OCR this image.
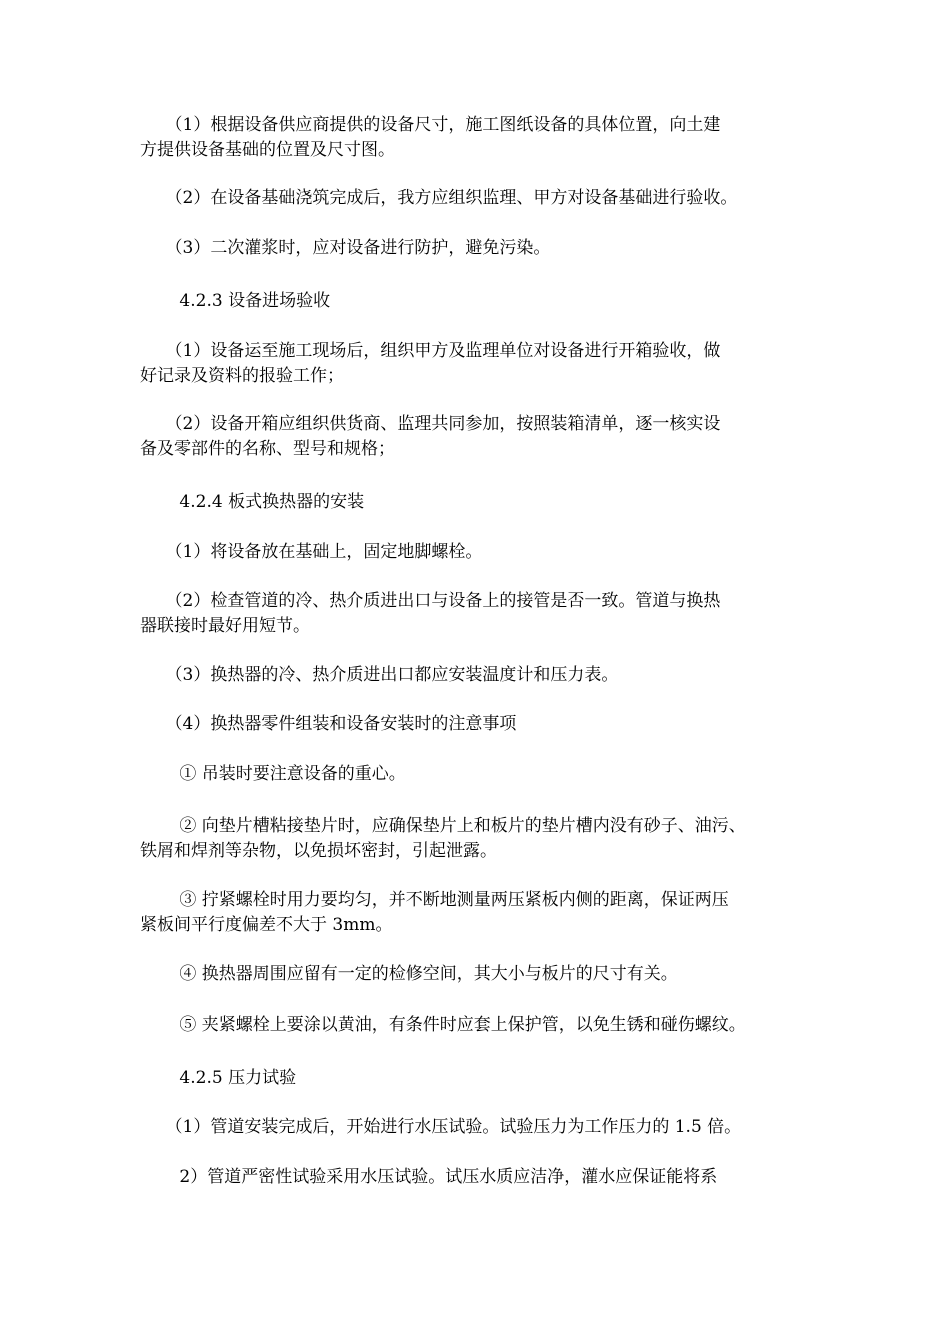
　　（1）根据设备供应商提供的设备尺寸，施工图纸设备的具体位置，向土建
方提供设备基础的位置及尺寸图。

　　（2）在设备基础浇筑完成后，我方应组织监理、甲方对设备基础进行验收。

　　（3）二次灌浆时，应对设备进行防护，避免污染。

　　 4.2.3 设备进场验收

　　（1）设备运至施工现场后，组织甲方及监理单位对设备进行开箱验收，做
好记录及资料的报验工作；

　　（2）设备开箱应组织供货商、监理共同参加，按照装箱清单，逐一核实设
备及零部件的名称、型号和规格；

　　 4.2.4 板式换热器的安装

　　（1）将设备放在基础上，固定地脚螺栓。

　　（2）检查管道的冷、热介质进出口与设备上的接管是否一致。管道与换热
器联接时最好用短节。

　　（3）换热器的冷、热介质进出口都应安装温度计和压力表。

　　（4）换热器零件组装和设备安装时的注意事项

　　 ① 吊装时要注意设备的重心。

　　 ② 向垫片槽粘接垫片时，应确保垫片上和板片的垫片槽内没有砂子、油污、
铁屑和焊剂等杂物，以免损坏密封，引起泄露。

　　 ③ 拧紧螺栓时用力要均匀，并不断地测量两压紧板内侧的距离，保证两压
紧板间平行度偏差不大于 3mm。

　　 ④ 换热器周围应留有一定的检修空间，其大小与板片的尺寸有关。

　　 ⑤ 夹紧螺栓上要涂以黄油，有条件时应套上保护管，以免生锈和碰伤螺纹。

　　 4.2.5 压力试验

　　（1）管道安装完成后，开始进行水压试验。试验压力为工作压力的 1.5 倍。

　　 2）管道严密性试验采用水压试验。试压水质应洁净，灌水应保证能将系
